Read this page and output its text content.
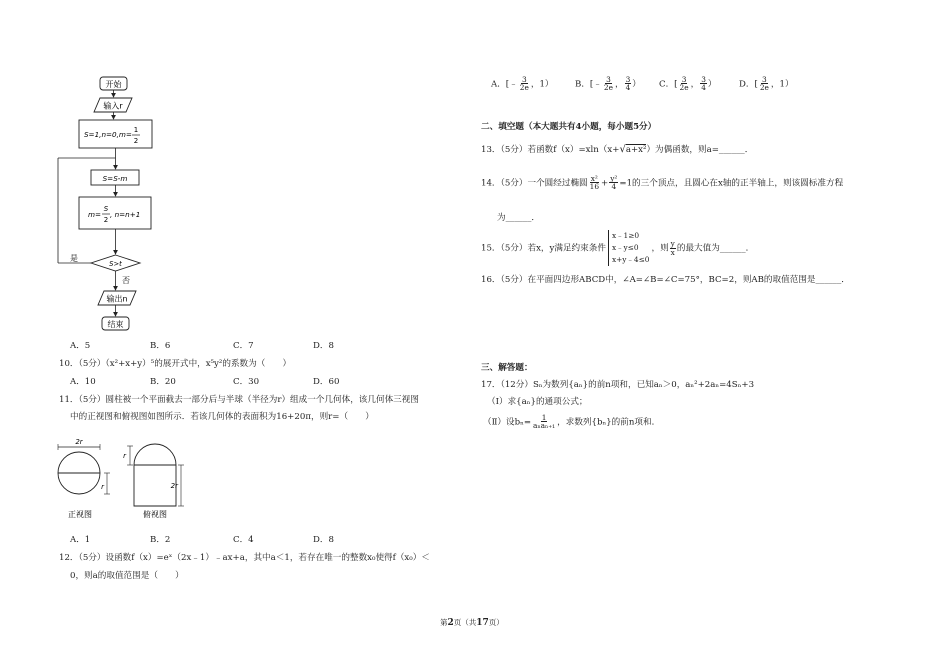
开始
输入r
S=1,n=0,m= 1
2
S=S-m
m=
S
2
, n=n+1
S>t
是
否
输出n
结束
A．5	B．6	C．7	D．8
10．（5分）（x²+x+y）⁵的展开式中，x⁵y²的系数为（　　）
A．10	B．20	C．30	D．60
11．（5分）圆柱被一个平面截去一部分后与半球（半径为r）组成一个几何体，该几何体三视图
中的正视图和俯视图如图所示．若该几何体的表面积为16+20π，则r=（　　）
2r
r
正视图
r
2r
俯视图
A．1	B．2	C．4	D．8
12．（5分）设函数f（x）=eˣ（2x﹣1）﹣ax+a，其中a＜1，若存在唯一的整数x₀使得f（x₀）＜
0，则a的取值范围是（　　）
A．[﹣ $\frac{3}{2e}$ ，1）	B．[﹣ $\frac{3}{2e}$ ， $\frac{3}{4}$ ） C．[ $\frac{3}{2e}$ ， $\frac{3}{4}$ ）	D．[ $\frac{3}{2e}$ ，1）
二、填空题（本大题共有4小题，每小题5分）
13．（5分）若函数f（x）=xln（x+√a+x²）为偶函数，则a=______．
14．（5分）一个圆经过椭圆 $\frac{\text{x²}}{16} + \frac{\text{y²}}{4} =1$的三个顶点，且圆心在x轴的正半轴上，则该圆标准方程
为______．
15．（5分）若x，y满足约束条件x﹣1≥0
x﹣y≤0
x+y﹣4≤0，则 $\frac{y}{x}$ 的最大值为______．
16．（5分）在平面四边形ABCD中，∠A=∠B=∠C=75°，BC=2，则AB的取值范围是______．
三、解答题：
17．（12分）Sₙ为数列{aₙ}的前n项和，已知aₙ＞0，aₙ²+2aₙ=4Sₙ+3
（I）求{aₙ}的通项公式；
（Ⅱ）设$b_n= \frac{1}{\text{aₙaₙ₊₁}}$ ，求数列{bₙ}的前n项和．
第2页（共17页）
